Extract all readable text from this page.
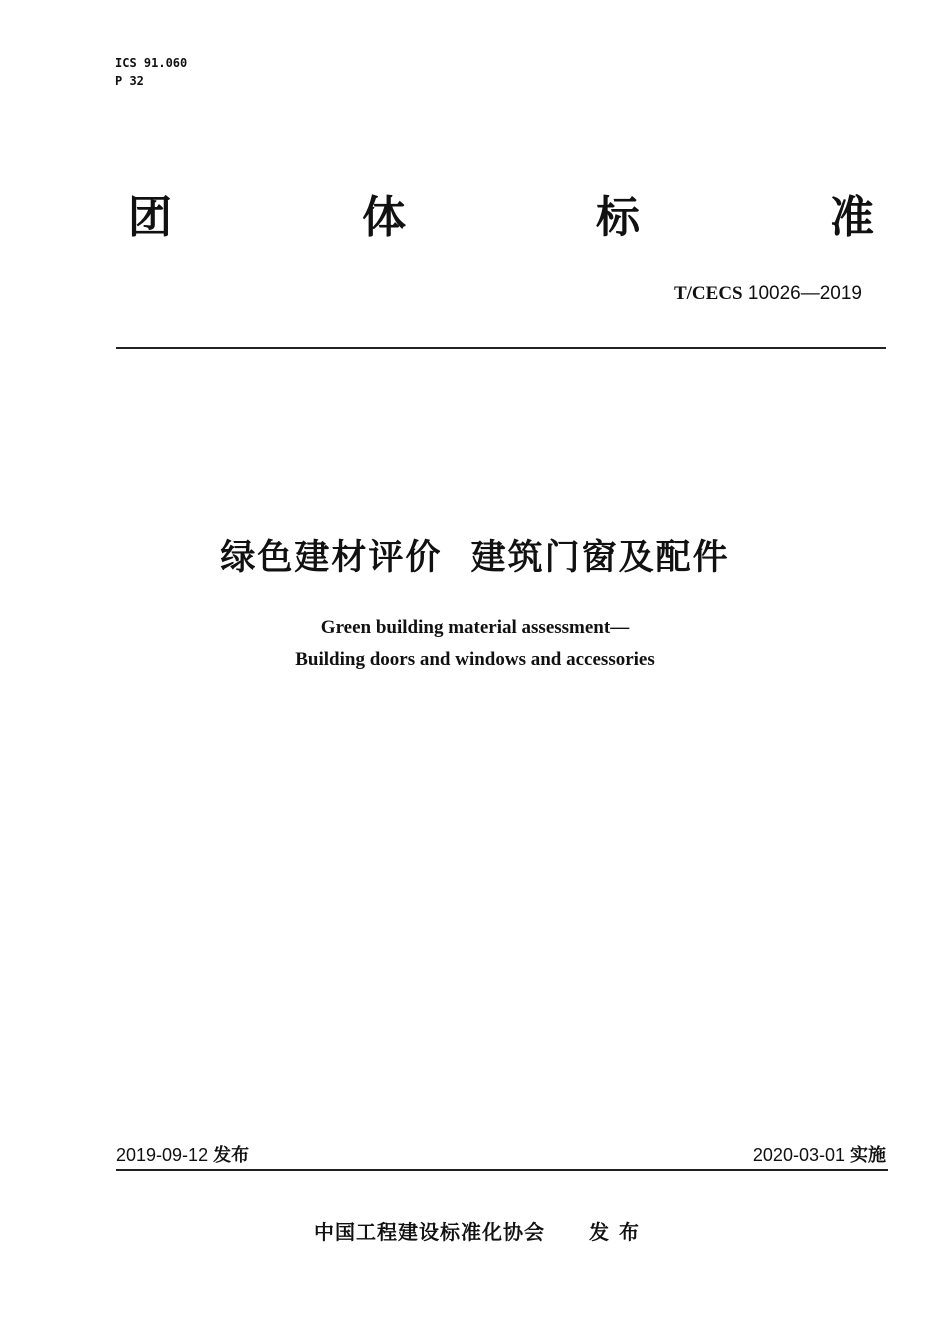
ICS 91.060
P 32
团	体	标	准
T/CECS 10026—2019
绿色建材评价  建筑门窗及配件
Green building material assessment—
Building doors and windows and accessories
2019-09-12 发布	2020-03-01 实施
中国工程建设标准化协会 发布
